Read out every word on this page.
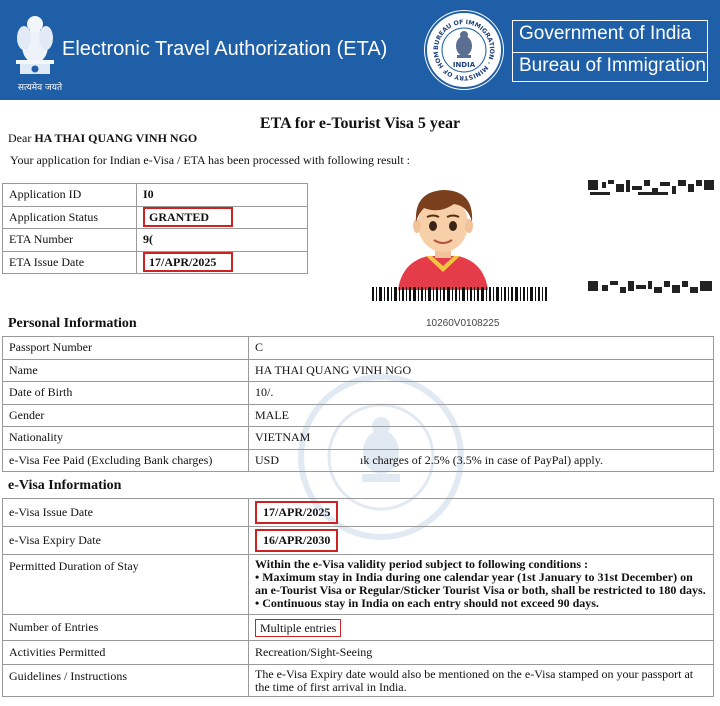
सत्यमेव जयते
Electronic Travel Authorization (ETA)	BUREAU OF IMMIGRATION · MINISTRY OF HOM
INDIA
Government of India
Bureau of Immigration
ETA for e-Tourist Visa 5 year
Dear HA THAI QUANG VINH NGO
Your application for Indian e-Visa / ETA has been processed with following result :
Application ID	I0
Application Status	GRANTED
ETA Number	9(
ETA Issue Date	17/APR/2025
10260V0108225
Personal Information
Passport Number	C
Name	HA THAI QUANG VINH NGO
Date of Birth	10/.
Gender	MALE
Nationality	VIETNAM
e-Visa Fee Paid (Excluding Bank charges)	USD                           ık charges of 2.5% (3.5% in case of PayPal) apply.
e-Visa Information
e-Visa Issue Date	17/APR/2025
e-Visa Expiry Date	16/APR/2030
Permitted Duration of Stay	Within the e-Visa validity period subject to following conditions :
• Maximum stay in India during one calendar year (1st January to 31st December) on an e-Tourist Visa or Regular/Sticker Tourist Visa or both, shall be restricted to 180 days.
• Continuous stay in India on each entry should not exceed 90 days.

Number of Entries	Multiple entries
Activities Permitted	Recreation/Sight-Seeing
Guidelines / Instructions	The e-Visa Expiry date would also be mentioned on the e-Visa stamped on your passport at the time of first arrival in India.
